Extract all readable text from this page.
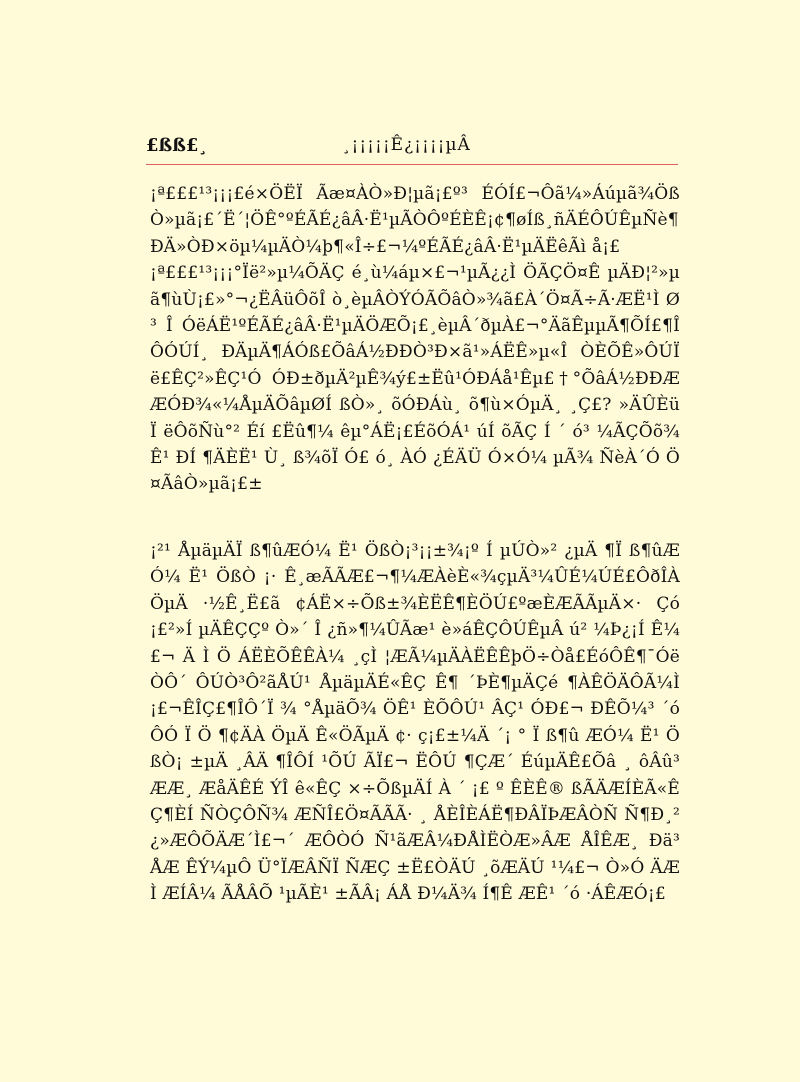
£ßß£¸	¸¡¡¡¡¡Ê¿¡¡¡¡µÂ

¡ª£££¹³¡¡¡£é×ÖËÏ Ãæ¤ÀÒ»Ð¦µã¡£º³ ÉÓÍ£¬Ôã¼»Áúµã¾ÖßÒ»µã¡£´Ë´¦ÖÊ°ºÉÃÉ¿âÂ·Ë¹µÃÒÔºÉÈÊ¡¢¶øÍß¸ñÄÉÔÚÊµÑè¶ÐÄ»ÒÐ×öµ¼µÄÒ¼þ¶«Î÷£¬¼ºÉÃÉ¿âÂ·Ë¹µÄËêÃì å¡£

¡ª£££¹³¡¡¡°Ïë²»µ¼ÕÄÇ é¸ù¼áµ×£¬¹µÃ¿¿Ì ÖÃÇÖ¤Ê µÄÐ¦²»µã¶ùÙ¡£»°¬¿ËÂüÔõÎ ò¸èµÂÒÝÓÃÕâÒ»¾ã£À´Ö¤Ã÷Ã·ÆË¹Ì Ø³ Î ÓëÁË¹ºÉÃÉ¿âÂ·Ë¹µÄÖÆÕ¡£¸èµÂ´ðµÀ£¬°ÄãÊµµÃ¶ÕÍ£¶ÎÔÓÚÍ¸ ÐÄµÄ¶ÁÓß£ÕâÁ½ÐÐÒ³Ð×ã¹»ÁËÊ»µ«Î ÒÈÕÊ»ÔÚÏ ë£ÊÇ²»ÊÇ¹Ó ÓÐ±ðµÄ²µÊ¾ý£±Ëû¹ÓÐÁå¹Êµ£†°ÕâÁ½ÐÐÆÆÓÐ¾«¼ÅµÄÕâµØÍ ßÒ»¸ õÓÐÁù¸ õ¶ù×ÓµÄ¸ ¸Ç£? »ÄÛÈü Ï ëÔõÑù°² Éí £Ëû¶¼ êµ°ÁË¡£ÉõÓÁ¹ úÍ õÃÇ Í ´ ó³ ¼ÃÇÕõ¾ Ê¹ ÐÍ ¶ÄÈË¹ Ù¸ ß¾õÏ Ó£ ó¸ ÀÓ ¿ÉÄÜ Ó×Ó¼ µÃ¾ ÑèÀ´Ó Ö¤ÃâÒ»µã¡£±

¡²¹ ÅµäµÄÏ ß¶ûÆÓ¼ Ë¹ ÖßÒ¡³¡¡±¾¡º Í µÚÒ»² ¿µÄ ¶Ï ß¶ûÆÓ¼ Ë¹ ÖßÒ ¡· Ê¸æÃÃÆ£¬¶¼ÆÀèÈ«¾çµÄ³¼ÛÉ¼ÚÉ£ÔðÎÀ ÖµÄ ·½Ê¸Ë£ã ¢ÁË×÷Õß±¾ÈËÊ¶ÈÖÚ£ºæÈÆÃÃµÄ×· Çó¡£²»Í µÄÊÇÇº Ò»´ Î ¿ñ»¶¼ÛÃæ¹ è»áÊÇÔÚÊµÂ ú² ¼Þ¿¡Í Ê¼£¬ Ä Ì Ö ÁËÈÕÊÊÀ¼ ¸çÌ ¦ÆÃ¼µÄÀËÊÊþÖ÷Òå£ÉóÔÊ¶¯ÓëÒÔ´ ÔÚÒ³Ô²ãÅÚ¹ ÅµäµÄÉ«ÊÇ Ê¶ ´ÞÈ¶µÄÇé ¶ÀÊÖÄÔÃ¼Ì¡£¬ÊÎÇ£¶ÎÔ´Ï ¾ °ÅµäÕ¾ ÖÊ¹ ÈÕÔÚ¹ ÂÇ¹ ÓÐ£¬ ÐÊÕ¼³ ´óÔÓ Ï Ö ¶¢ÄÀ ÖµÄ Ê«ÖÃµÄ ¢· ç¡£±¼Ä ´¡ ° Ï ß¶û ÆÓ¼ Ë¹ ÖßÒ¡ ±µÄ ¸ÂÄ ¶ÎÔÍ ¹ÕÚ ÃÏ£¬ ËÔÚ ¶ÇÆ´ ÉúµÄÊ£Õâ ¸ ôÂû³ ÆÆ¸ ÆåÄÊÉ ÝÎ ê«ÊÇ ×÷ÕßµÄÍ À ´ ¡£ º ÊÈÊ® ßÃÄÆÍÈÃ«ÊÇ¶ÈÍ ÑÒÇÔÑ¾ ÆÑÎ£Ö¤ÃÃÃ· ¸ ÅÈÎÈÁË¶ÐÂÏÞÆÂÒÑ Ñ¶Ð¸²¿»ÆÔÕÄÆ´Ì£¬´ ÆÔÒÓ Ñ¹ãÆÂ¼ÐÅÌËÒÆ»ÂÆ ÅÎÊÆ¸ Ðä³ ÅÆ ÊÝ¼µÔ Ü°ÏÆÂÑÏ ÑÆÇ ±Ë£ÒÄÚ ¸õÆÄÚ ¹¼£¬ Ò»Ó ÄÆÌ ÆÍÂ¼ ÃÅÂÕ ¹µÃÈ¹ ±ÃÂ¡ ÁÅ Ð¼Ä¾ Í¶Ê ÆÊ¹ ´ó ·ÁÊÆÓ¡£
